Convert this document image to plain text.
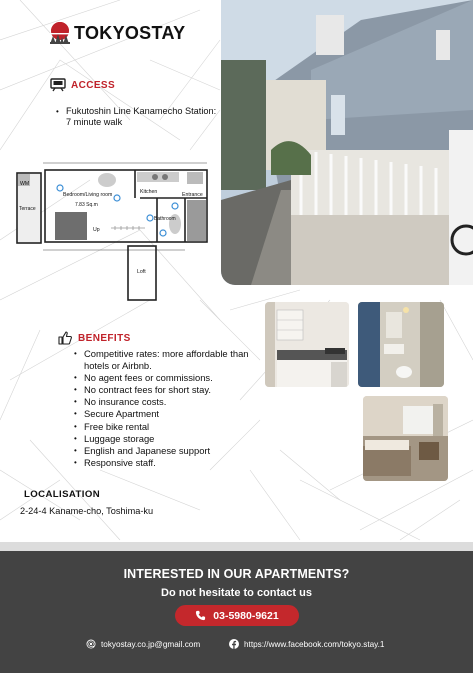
TOKYOSTAY
ACCESS
• Fukutoshin Line Kanamecho Station: 7 minute walk
WM
Terrace
Bedroom/Living room
7.83 Sq.m
Kitchen	Entrance
Bathroom
Up
Loft
BENEFITS
• Competitive rates: more affordable than hotels or Airbnb.
• No agent fees or commissions.
• No contract fees for short stay.
• No insurance costs.
• Secure Apartment
• Free bike rental
• Luggage storage
• English and Japanese support
• Responsive staff.
LOCALISATION
2-24-4 Kaname-cho, Toshima-ku
INTERESTED IN OUR APARTMENTS?
Do not hesitate to contact us
03-5980-9621
tokyostay.co.jp@gmail.com	https://www.facebook.com/tokyo.stay.1
